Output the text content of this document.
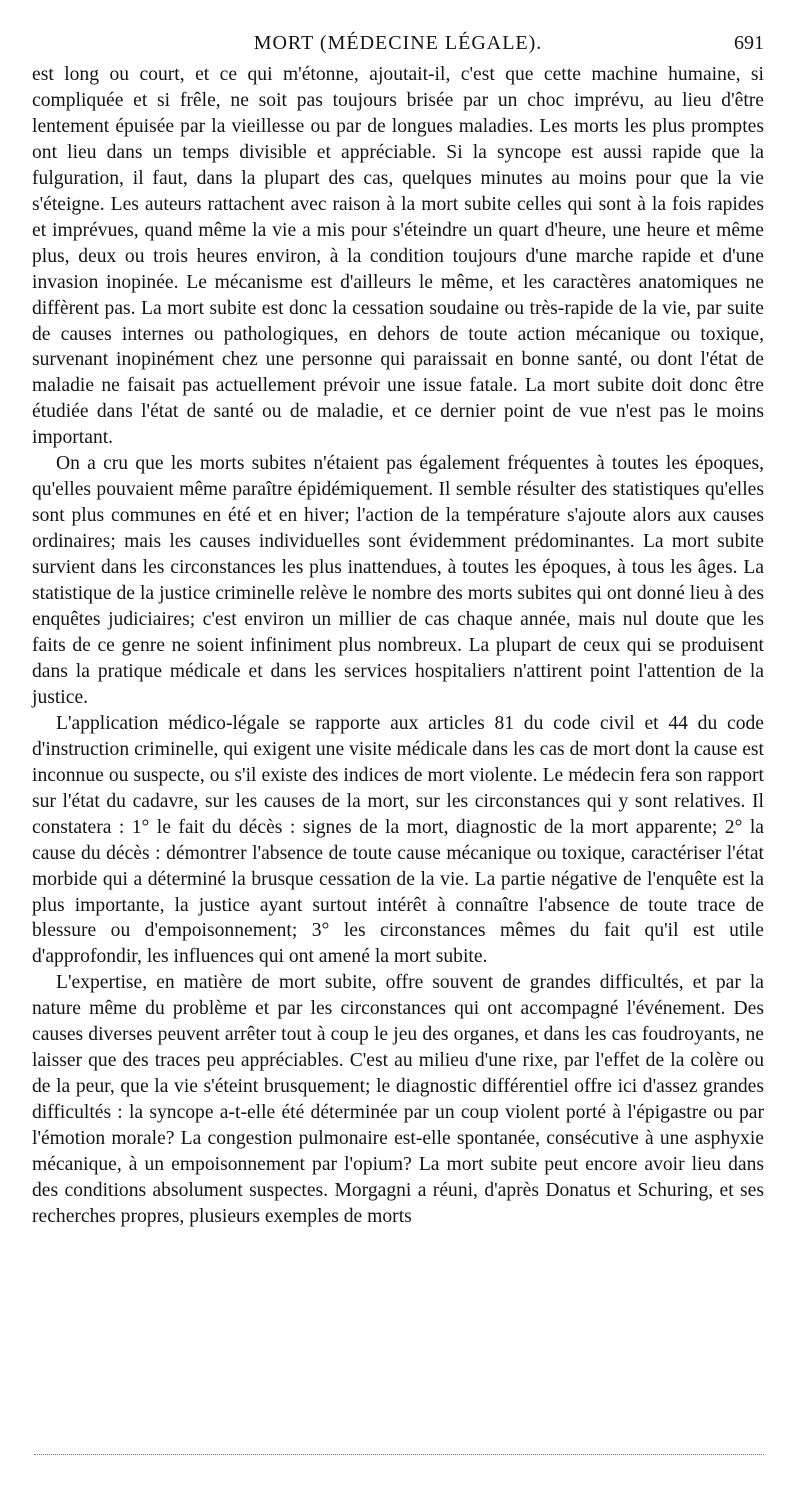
MORT (MÉDECINE LÉGALE).	691

est long ou court, et ce qui m'étonne, ajoutait-il, c'est que cette machine humaine, si compliquée et si frêle, ne soit pas toujours brisée par un choc imprévu, au lieu d'être lentement épuisée par la vieillesse ou par de longues maladies. Les morts les plus promptes ont lieu dans un temps divisible et appréciable. Si la syncope est aussi rapide que la fulguration, il faut, dans la plupart des cas, quelques minutes au moins pour que la vie s'éteigne. Les auteurs rattachent avec raison à la mort subite celles qui sont à la fois rapides et imprévues, quand même la vie a mis pour s'éteindre un quart d'heure, une heure et même plus, deux ou trois heures environ, à la condition toujours d'une marche rapide et d'une invasion inopinée. Le mécanisme est d'ailleurs le même, et les caractères anatomiques ne diffèrent pas. La mort subite est donc la cessation soudaine ou très-rapide de la vie, par suite de causes internes ou pathologiques, en dehors de toute action mécanique ou toxique, survenant inopinément chez une personne qui paraissait en bonne santé, ou dont l'état de maladie ne faisait pas actuellement prévoir une issue fatale. La mort subite doit donc être étudiée dans l'état de santé ou de maladie, et ce dernier point de vue n'est pas le moins important.

On a cru que les morts subites n'étaient pas également fréquentes à toutes les époques, qu'elles pouvaient même paraître épidémiquement. Il semble résulter des statistiques qu'elles sont plus communes en été et en hiver; l'action de la température s'ajoute alors aux causes ordinaires; mais les causes individuelles sont évidemment prédominantes. La mort subite survient dans les circonstances les plus inattendues, à toutes les époques, à tous les âges. La statistique de la justice criminelle relève le nombre des morts subites qui ont donné lieu à des enquêtes judiciaires; c'est environ un millier de cas chaque année, mais nul doute que les faits de ce genre ne soient infiniment plus nombreux. La plupart de ceux qui se produisent dans la pratique médicale et dans les services hospitaliers n'attirent point l'attention de la justice.

L'application médico-légale se rapporte aux articles 81 du code civil et 44 du code d'instruction criminelle, qui exigent une visite médicale dans les cas de mort dont la cause est inconnue ou suspecte, ou s'il existe des indices de mort violente. Le médecin fera son rapport sur l'état du cadavre, sur les causes de la mort, sur les circonstances qui y sont relatives. Il constatera : 1° le fait du décès : signes de la mort, diagnostic de la mort apparente; 2° la cause du décès : démontrer l'absence de toute cause mécanique ou toxique, caractériser l'état morbide qui a déterminé la brusque cessation de la vie. La partie négative de l'enquête est la plus importante, la justice ayant surtout intérêt à connaître l'absence de toute trace de blessure ou d'empoisonnement; 3° les circonstances mêmes du fait qu'il est utile d'approfondir, les influences qui ont amené la mort subite.

L'expertise, en matière de mort subite, offre souvent de grandes difficultés, et par la nature même du problème et par les circonstances qui ont accompagné l'événement. Des causes diverses peuvent arrêter tout à coup le jeu des organes, et dans les cas foudroyants, ne laisser que des traces peu appréciables. C'est au milieu d'une rixe, par l'effet de la colère ou de la peur, que la vie s'éteint brusquement; le diagnostic différentiel offre ici d'assez grandes difficultés : la syncope a-t-elle été déterminée par un coup violent porté à l'épigastre ou par l'émotion morale? La congestion pulmonaire est-elle spontanée, consécutive à une asphyxie mécanique, à un empoisonnement par l'opium? La mort subite peut encore avoir lieu dans des conditions absolument suspectes. Morgagni a réuni, d'après Donatus et Schuring, et ses recherches propres, plusieurs exemples de morts
